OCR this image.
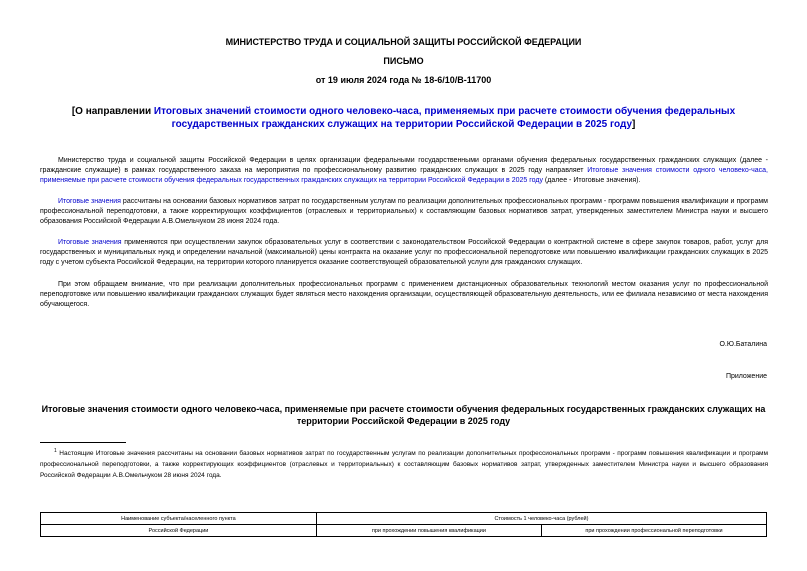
МИНИСТЕРСТВО ТРУДА И СОЦИАЛЬНОЙ ЗАЩИТЫ РОССИЙСКОЙ ФЕДЕРАЦИИ
ПИСЬМО
от 19 июля 2024 года № 18-6/10/В-11700
[О направлении Итоговых значений стоимости одного человеко-часа, применяемых при расчете стоимости обучения федеральных государственных гражданских служащих на территории Российской Федерации в 2025 году]
Министерство труда и социальной защиты Российской Федерации в целях организации федеральными государственными органами обучения федеральных государственных гражданских служащих (далее - гражданские служащие) в рамках государственного заказа на мероприятия по профессиональному развитию гражданских служащих в 2025 году направляет Итоговые значения стоимости одного человеко-часа, применяемые при расчете стоимости обучения федеральных государственных гражданских служащих на территории Российской Федерации в 2025 году (далее - Итоговые значения).
Итоговые значения рассчитаны на основании базовых нормативов затрат по государственным услугам по реализации дополнительных профессиональных программ - программ повышения квалификации и программ профессиональной переподготовки, а также корректирующих коэффициентов (отраслевых и территориальных) к составляющим базовых нормативов затрат, утвержденных заместителем Министра науки и высшего образования Российской Федерации А.В.Омельчуком 28 июня 2024 года.
Итоговые значения применяются при осуществлении закупок образовательных услуг в соответствии с законодательством Российской Федерации о контрактной системе в сфере закупок товаров, работ, услуг для государственных и муниципальных нужд и определении начальной (максимальной) цены контракта на оказание услуг по профессиональной переподготовке или повышению квалификации гражданских служащих в 2025 году с учетом субъекта Российской Федерации, на территории которого планируется оказание соответствующей образовательной услуги для гражданских служащих.
При этом обращаем внимание, что при реализации дополнительных профессиональных программ с применением дистанционных образовательных технологий местом оказания услуг по профессиональной переподготовке или повышению квалификации гражданских служащих будет являться место нахождения организации, осуществляющей образовательную деятельность, или ее филиала независимо от места нахождения обучающегося.
О.Ю.Баталина
Приложение
Итоговые значения стоимости одного человеко-часа, применяемые при расчете стоимости обучения федеральных государственных гражданских служащих на территории Российской Федерации в 2025 году
$^1$ Настоящие Итоговые значения рассчитаны на основании базовых нормативов затрат по государственным услугам по реализации дополнительных профессиональных программ - программ повышения квалификации и программ профессиональной переподготовки, а также корректирующих коэффициентов (отраслевых и территориальных) к составляющим базовых нормативов затрат, утвержденных заместителем Министра науки и высшего образования Российской Федерации А.В.Омельчуком 28 июня 2024 года.
Наименование субъекта/населенного пункта	Стоимость 1 человеко-часа (рублей)	
Российской Федерации	при прохождении повышения квалификации	при прохождении профессиональной переподготовки
